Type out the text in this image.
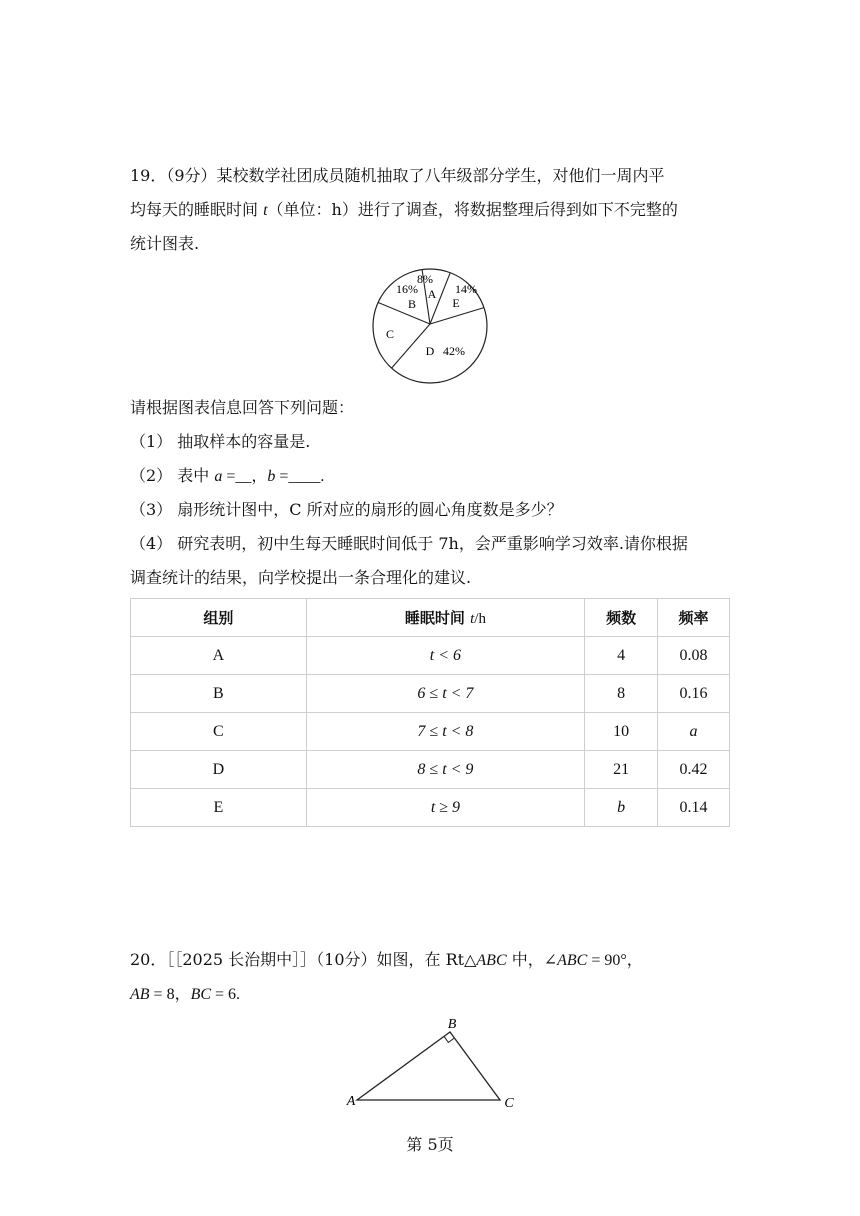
19．（9分）某校数学社团成员随机抽取了八年级部分学生，对他们一周内平
均每天的睡眠时间 t（单位：h）进行了调查，将数据整理后得到如下不完整的
统计图表.
8%
A 14%
E
16%
B
C
D 42%
请根据图表信息回答下列问题：
（1） 抽取样本的容量是.
（2） 表中 a =__，b =____.
（3） 扇形统计图中，C 所对应的扇形的圆心角度数是多少？
（4） 研究表明，初中生每天睡眠时间低于 7h，会严重影响学习效率.请你根据
调查统计的结果，向学校提出一条合理化的建议.
组别	睡眠时间 t/h	频数	频率
A	t < 6	4	0.08
B	6 ≤ t < 7	8	0.16
C	7 ≤ t < 8	10	a
D	8 ≤ t < 9	21	0.42
E	t ≥ 9	b	0.14
20．［［2025 长治期中］］（10分）如图，在 Rt△ABC 中，∠ABC = 90°，
AB = 8，BC = 6.
B
A	C
第 5页
